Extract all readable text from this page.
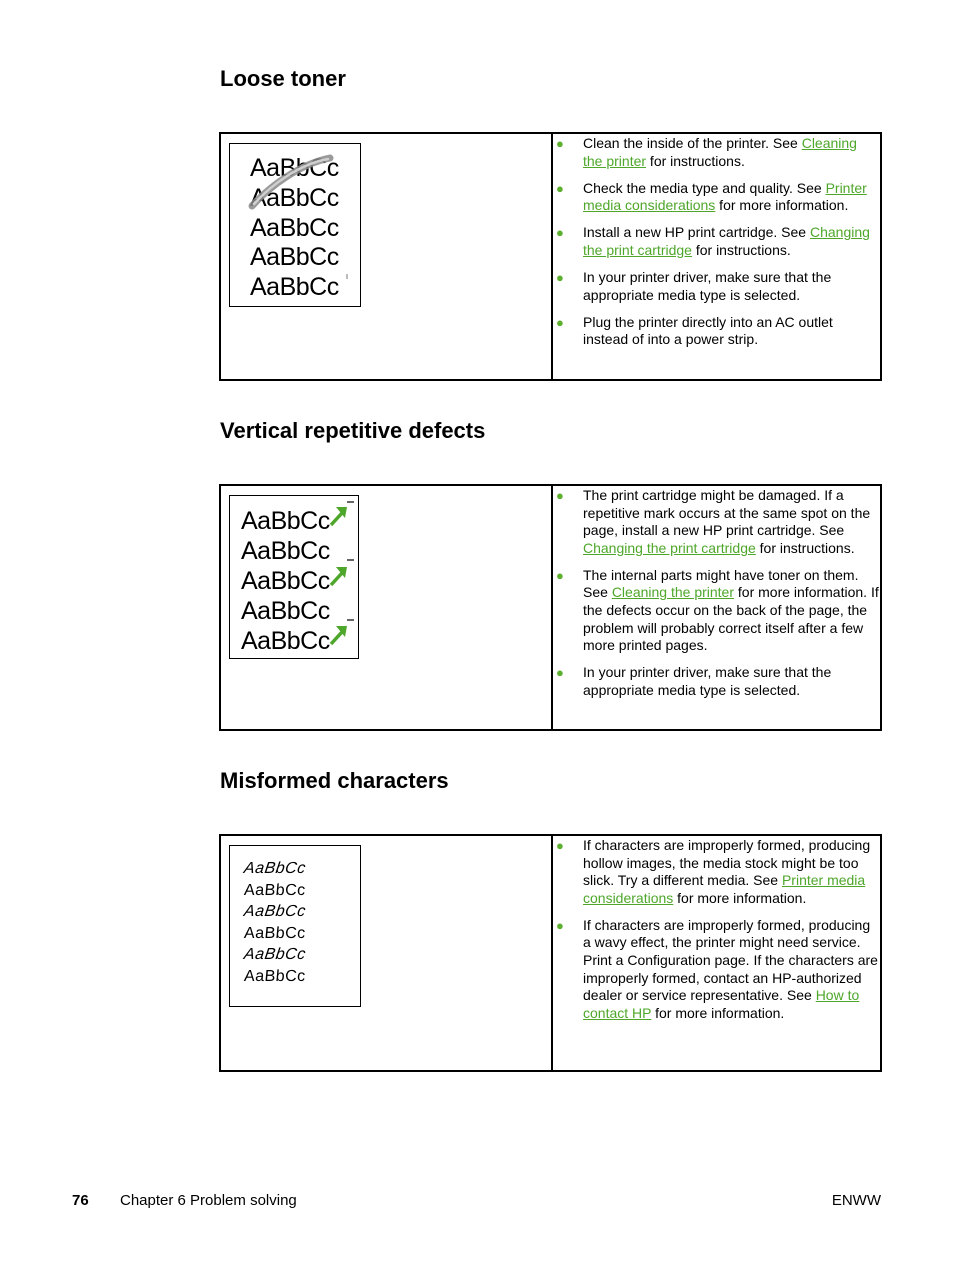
Loose toner
AaBbCc
AaBbCc
AaBbCc
AaBbCc
AaBbCc

● Clean the inside of the printer. See Cleaning the printer for instructions.
● Check the media type and quality. See Printer media considerations for more information.
● Install a new HP print cartridge. See Changing the print cartridge for instructions.
● In your printer driver, make sure that the appropriate media type is selected.
● Plug the printer directly into an AC outlet instead of into a power strip.
Vertical repetitive defects
AaBbCc
AaBbCc
AaBbCc
AaBbCc
AaBbCc

● The print cartridge might be damaged. If a repetitive mark occurs at the same spot on the page, install a new HP print cartridge. See Changing the print cartridge for instructions.
● The internal parts might have toner on them. See Cleaning the printer for more information. If the defects occur on the back of the page, the problem will probably correct itself after a few more printed pages.
● In your printer driver, make sure that the appropriate media type is selected.
Misformed characters
AaBbCc
AaBbCc
AaBbCc
AaBbCc
AaBbCc
AaBbCc

● If characters are improperly formed, producing hollow images, the media stock might be too slick. Try a different media. See Printer media considerations for more information.
● If characters are improperly formed, producing a wavy effect, the printer might need service. Print a Configuration page. If the characters are improperly formed, contact an HP-authorized dealer or service representative. See How to contact HP for more information.
76 Chapter 6 Problem solving	ENWW
